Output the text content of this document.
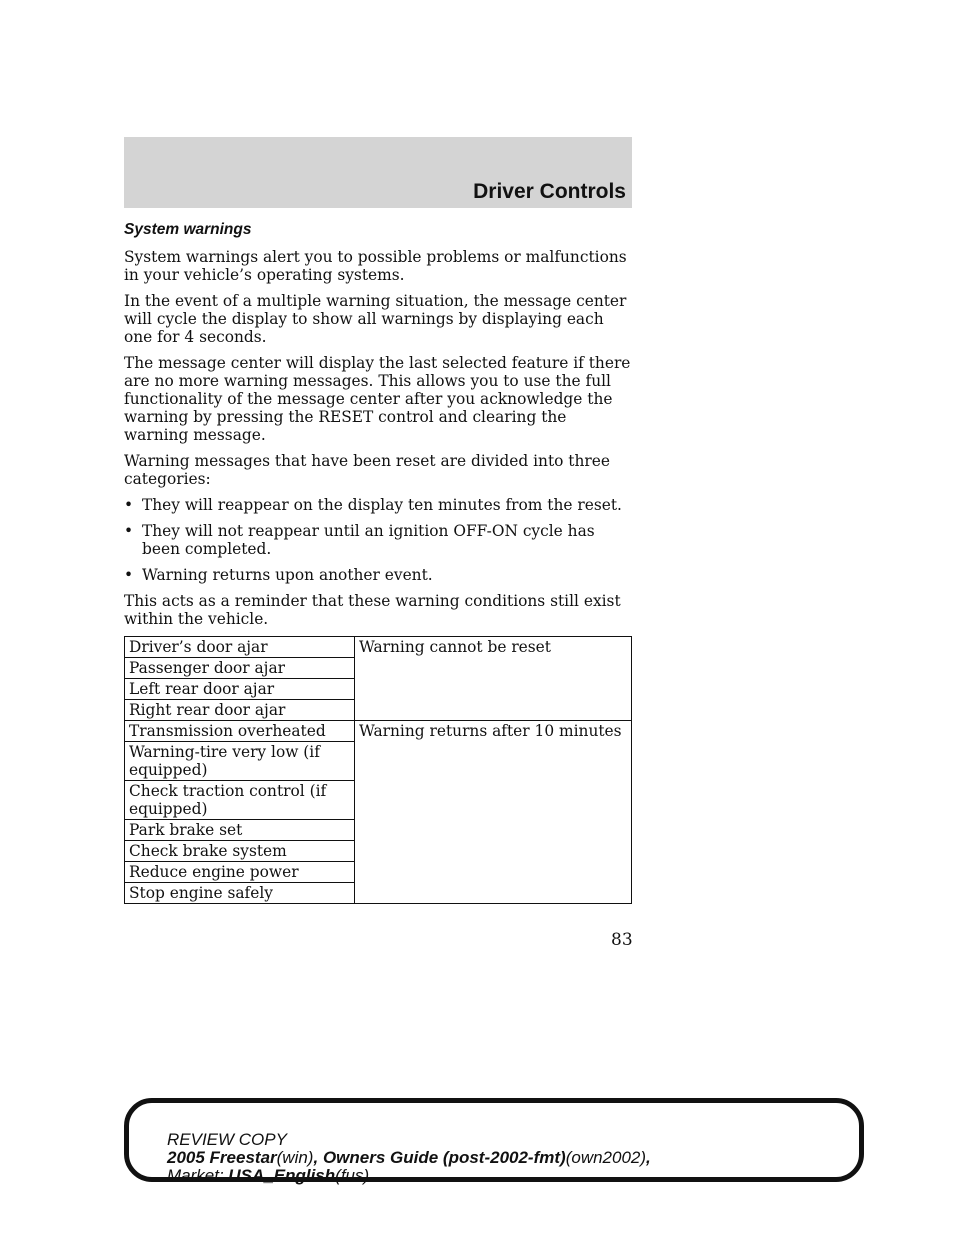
Driver Controls
System warnings

System warnings alert you to possible problems or malfunctions in your vehicle’s operating systems.

In the event of a multiple warning situation, the message center will cycle the display to show all warnings by displaying each one for 4 seconds.

The message center will display the last selected feature if there are no more warning messages. This allows you to use the full functionality of the message center after you acknowledge the warning by pressing the RESET control and clearing the warning message.

Warning messages that have been reset are divided into three categories:

• They will reappear on the display ten minutes from the reset.
• They will not reappear until an ignition OFF-ON cycle has been completed.
• Warning returns upon another event.

This acts as a reminder that these warning conditions still exist within the vehicle.

Driver’s door ajar	Warning cannot be reset
Passenger door ajar	
Left rear door ajar	
Right rear door ajar	
Transmission overheated	Warning returns after 10 minutes
Warning-tire very low (if equipped)	
Check traction control (if equipped)	
Park brake set	
Check brake system	
Reduce engine power	
Stop engine safely	
83
REVIEW COPY
2005 Freestar(win), Owners Guide (post-2002-fmt)(own2002),
Market: USA_English(fus)
